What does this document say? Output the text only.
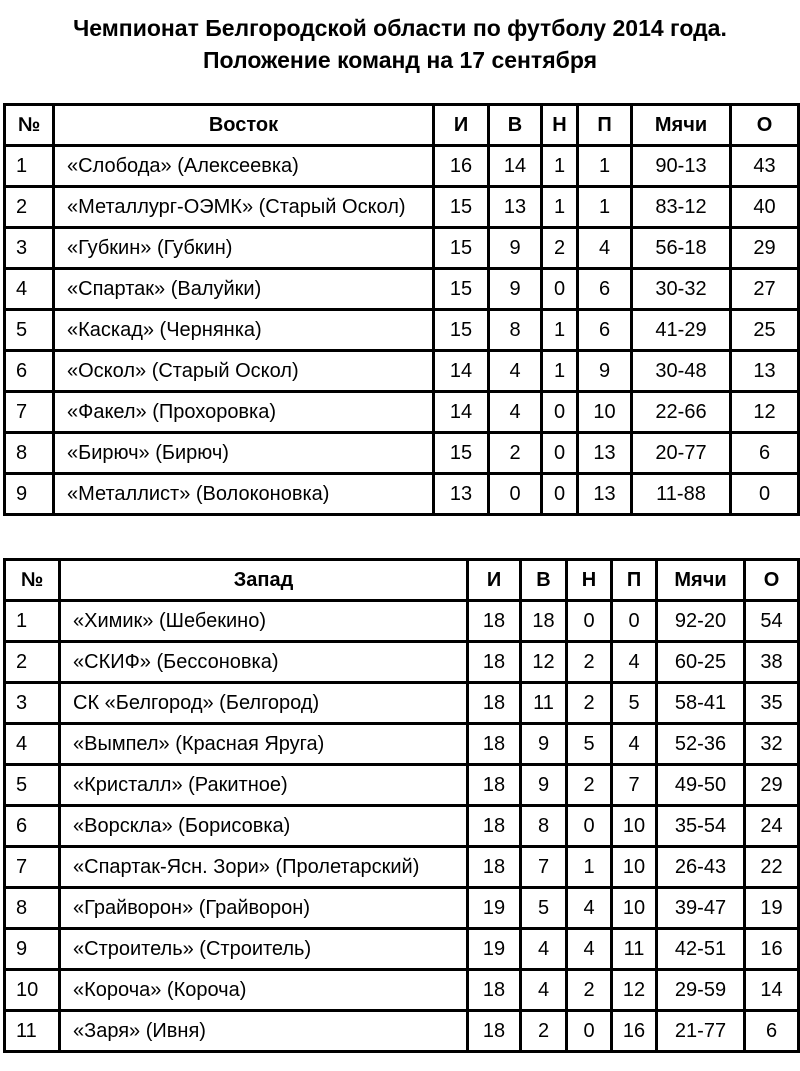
Чемпионат Белгородской области по футболу 2014 года.
Положение команд на 17 сентября
№	Восток	И	В	Н	П	Мячи	О
1	«Слобода» (Алексеевка)	16	14	1	1	90-13	43
2	«Металлург-ОЭМК» (Старый Оскол)	15	13	1	1	83-12	40
3	«Губкин» (Губкин)	15	9	2	4	56-18	29
4	«Спартак» (Валуйки)	15	9	0	6	30-32	27
5	«Каскад» (Чернянка)	15	8	1	6	41-29	25
6	«Оскол» (Старый Оскол)	14	4	1	9	30-48	13
7	«Факел» (Прохоровка)	14	4	0	10	22-66	12
8	«Бирюч» (Бирюч)	15	2	0	13	20-77	6
9	«Металлист» (Волоконовка)	13	0	0	13	11-88	0
№	Запад	И	В	Н	П	Мячи	О
1	«Химик» (Шебекино)	18	18	0	0	92-20	54
2	«СКИФ» (Бессоновка)	18	12	2	4	60-25	38
3	СК «Белгород» (Белгород)	18	11	2	5	58-41	35
4	«Вымпел» (Красная Яруга)	18	9	5	4	52-36	32
5	«Кристалл» (Ракитное)	18	9	2	7	49-50	29
6	«Ворскла» (Борисовка)	18	8	0	10	35-54	24
7	«Спартак-Ясн. Зори» (Пролетарский)	18	7	1	10	26-43	22
8	«Грайворон» (Грайворон)	19	5	4	10	39-47	19
9	«Строитель» (Строитель)	19	4	4	11	42-51	16
10	«Короча» (Короча)	18	4	2	12	29-59	14
11	«Заря» (Ивня)	18	2	0	16	21-77	6
